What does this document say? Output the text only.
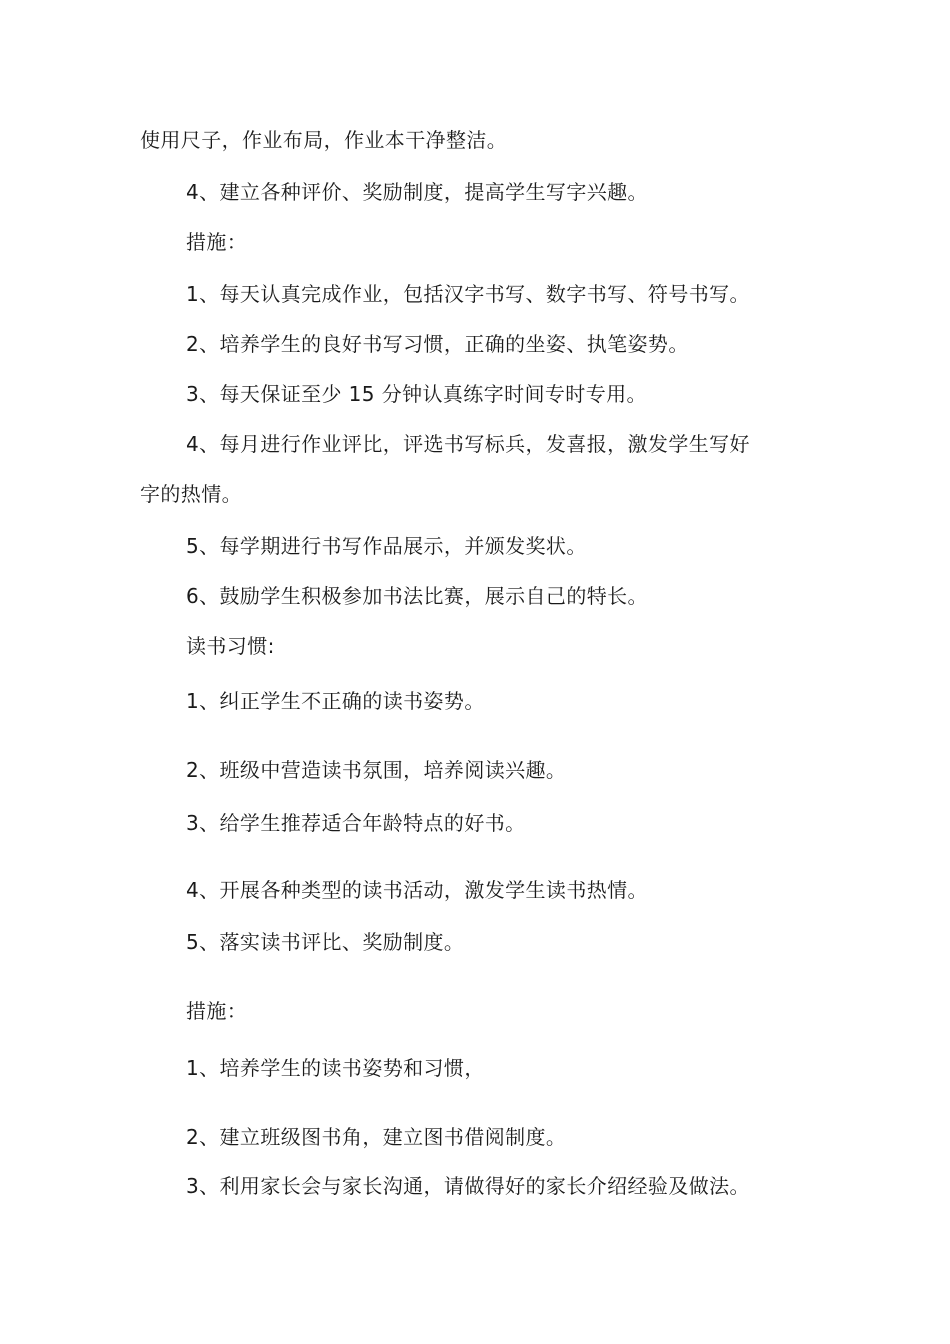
使用尺子，作业布局，作业本干净整洁。
4、建立各种评价、奖励制度，提高学生写字兴趣。
措施：
1、每天认真完成作业，包括汉字书写、数字书写、符号书写。
2、培养学生的良好书写习惯，正确的坐姿、执笔姿势。
3、每天保证至少 15 分钟认真练字时间专时专用。
4、每月进行作业评比，评选书写标兵，发喜报，激发学生写好
字的热情。
5、每学期进行书写作品展示，并颁发奖状。
6、鼓励学生积极参加书法比赛，展示自己的特长。
读书习惯:
1、纠正学生不正确的读书姿势。
2、班级中营造读书氛围，培养阅读兴趣。
3、给学生推荐适合年龄特点的好书。
4、开展各种类型的读书活动，激发学生读书热情。
5、落实读书评比、奖励制度。
措施：
1、培养学生的读书姿势和习惯，
2、建立班级图书角，建立图书借阅制度。
3、利用家长会与家长沟通，请做得好的家长介绍经验及做法。
